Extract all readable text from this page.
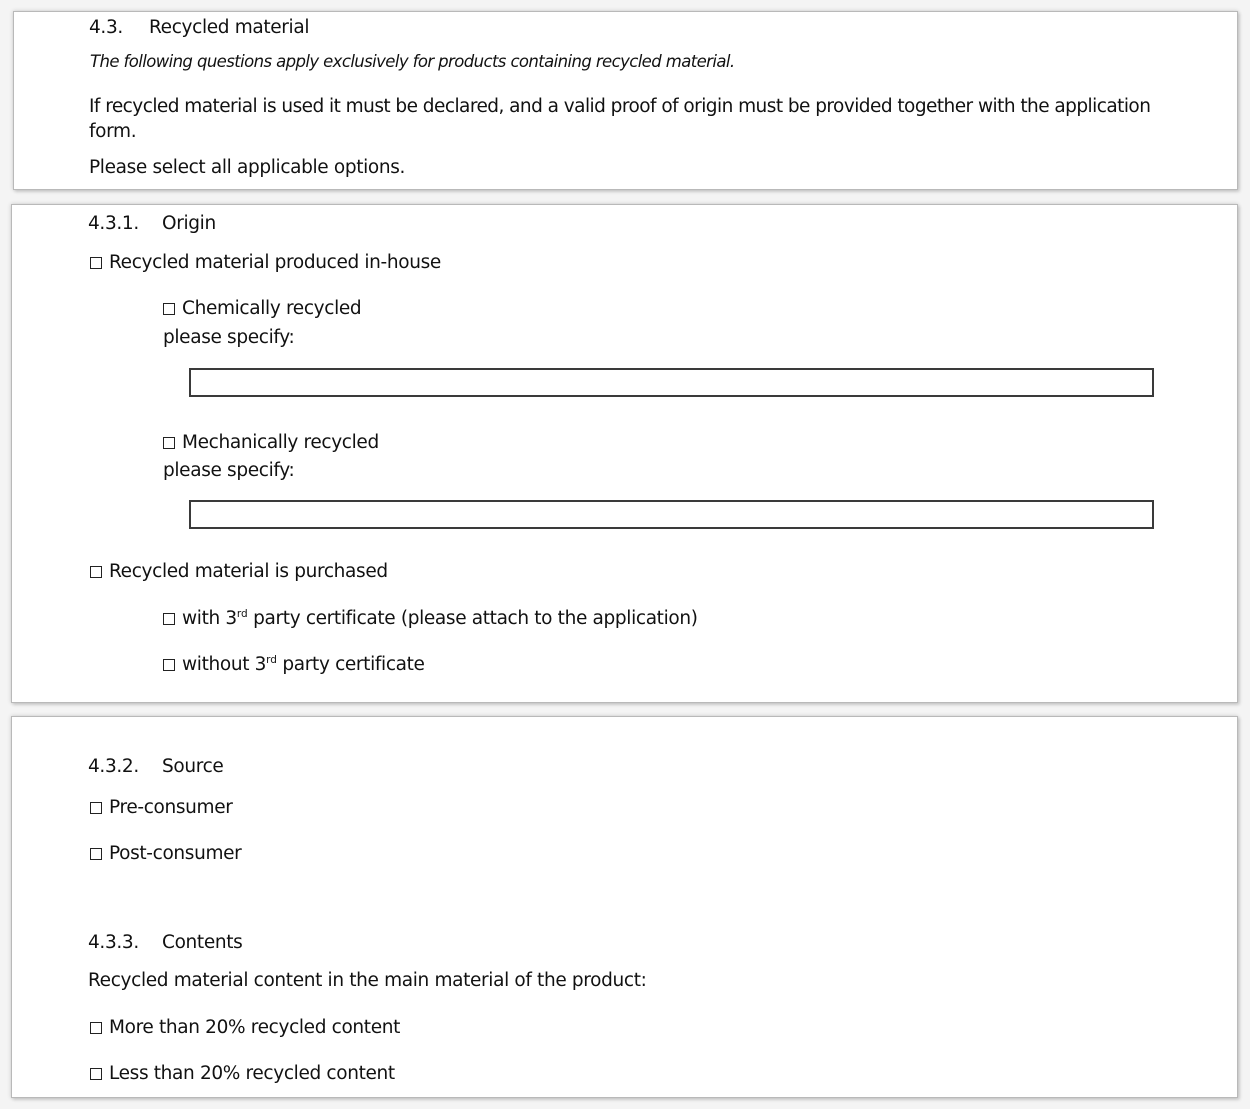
4.3. Recycled material
The following questions apply exclusively for products containing recycled material.
If recycled material is used it must be declared, and a valid proof of origin must be provided together with the application
form.
Please select all applicable options.
4.3.1. Origin
Recycled material produced in-house
Chemically recycled
please specify:
Mechanically recycled
please specify:
Recycled material is purchased
with 3rd party certificate (please attach to the application)
without 3rd party certificate
4.3.2. Source
Pre-consumer
Post-consumer
4.3.3. Contents
Recycled material content in the main material of the product:
More than 20% recycled content
Less than 20% recycled content
